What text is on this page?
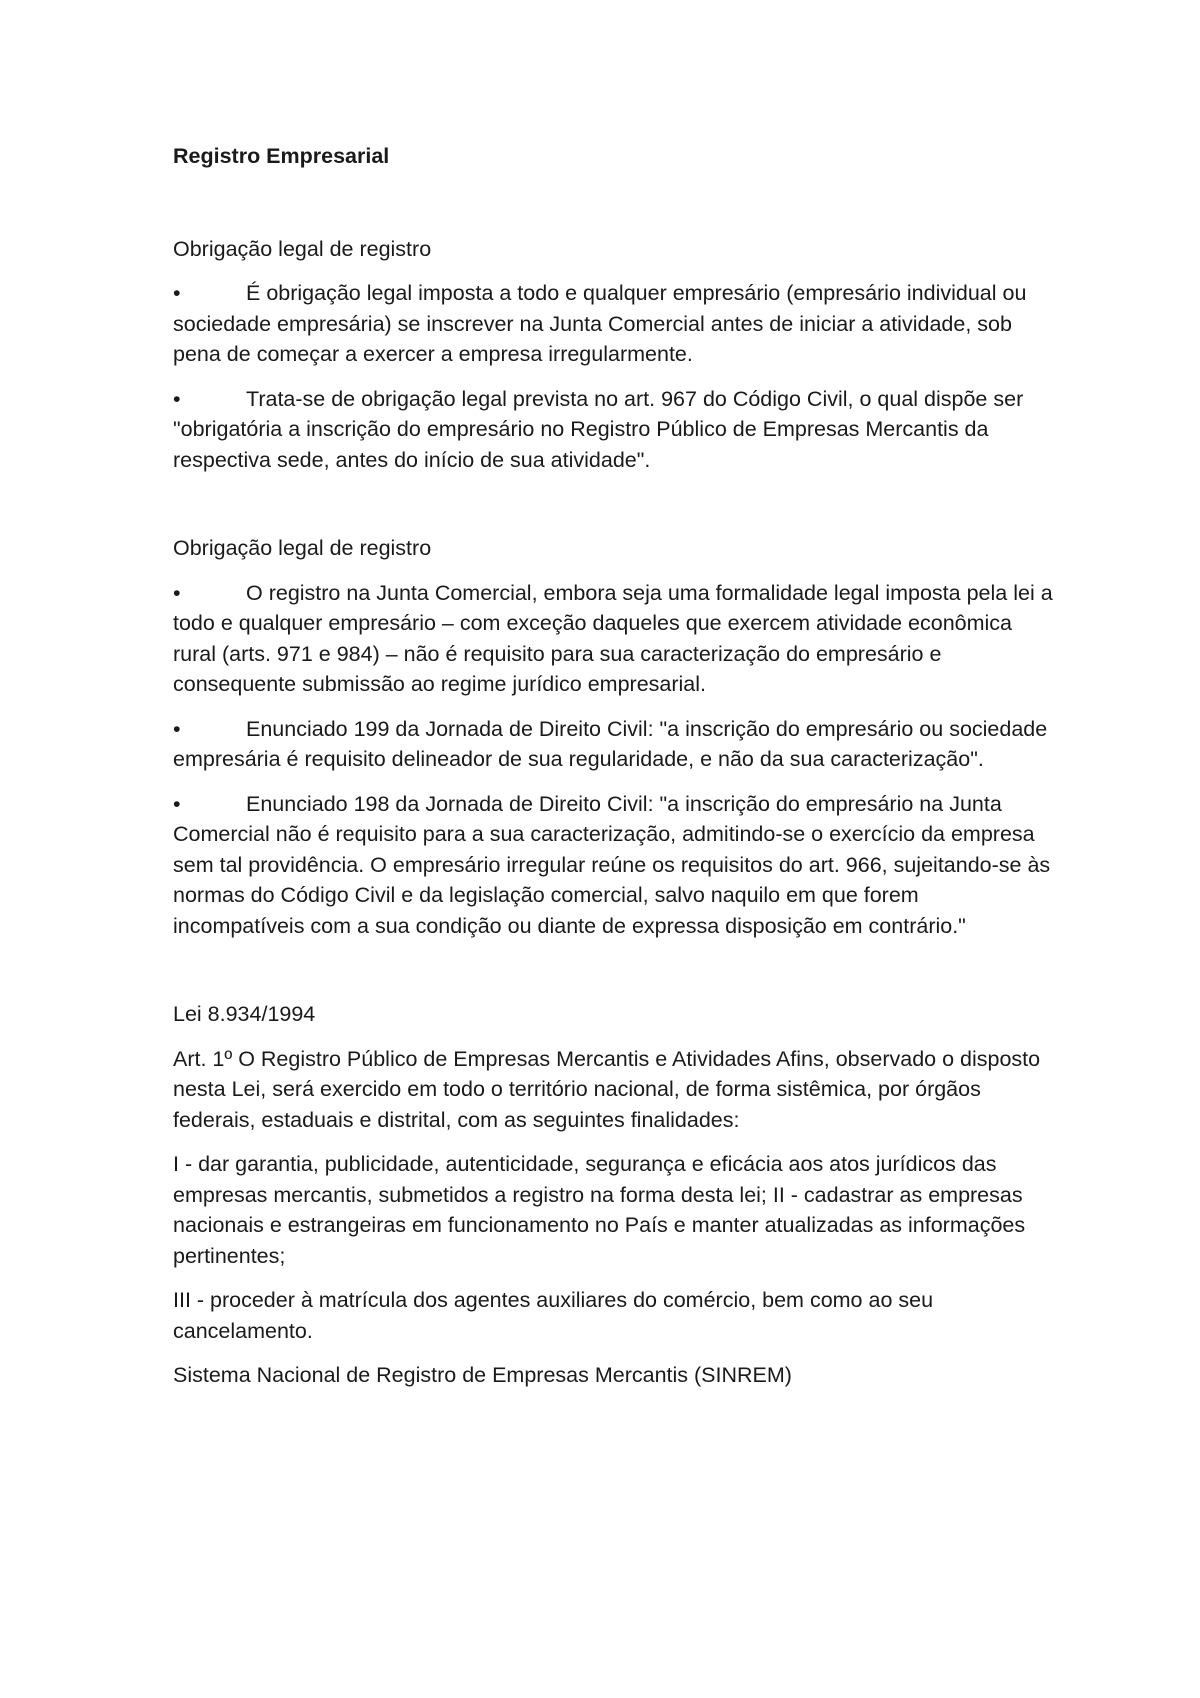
Registro Empresarial
Obrigação legal de registro
•	É obrigação legal imposta a todo e qualquer empresário (empresário individual ou sociedade empresária) se inscrever na Junta Comercial antes de iniciar a atividade, sob pena de começar a exercer a empresa irregularmente.
•	Trata-se de obrigação legal prevista no art. 967 do Código Civil, o qual dispõe ser "obrigatória a inscrição do empresário no Registro Público de Empresas Mercantis da respectiva sede, antes do início de sua atividade".
Obrigação legal de registro
•	O registro na Junta Comercial, embora seja uma formalidade legal imposta pela lei a todo e qualquer empresário – com exceção daqueles que exercem atividade econômica rural (arts. 971 e 984) – não é requisito para sua caracterização do empresário e consequente submissão ao regime jurídico empresarial.
•	Enunciado 199 da Jornada de Direito Civil: "a inscrição do empresário ou sociedade empresária é requisito delineador de sua regularidade, e não da sua caracterização".
•	Enunciado 198 da Jornada de Direito Civil: "a inscrição do empresário na Junta Comercial não é requisito para a sua caracterização, admitindo-se o exercício da empresa sem tal providência. O empresário irregular reúne os requisitos do art. 966, sujeitando-se às normas do Código Civil e da legislação comercial, salvo naquilo em que forem incompatíveis com a sua condição ou diante de expressa disposição em contrário."
Lei 8.934/1994
Art. 1º O Registro Público de Empresas Mercantis e Atividades Afins, observado o disposto nesta Lei, será exercido em todo o território nacional, de forma sistêmica, por órgãos federais, estaduais e distrital, com as seguintes finalidades:
I - dar garantia, publicidade, autenticidade, segurança e eficácia aos atos jurídicos das empresas mercantis, submetidos a registro na forma desta lei; II - cadastrar as empresas nacionais e estrangeiras em funcionamento no País e manter atualizadas as informações pertinentes;
III - proceder à matrícula dos agentes auxiliares do comércio, bem como ao seu cancelamento.
Sistema Nacional de Registro de Empresas Mercantis (SINREM)
